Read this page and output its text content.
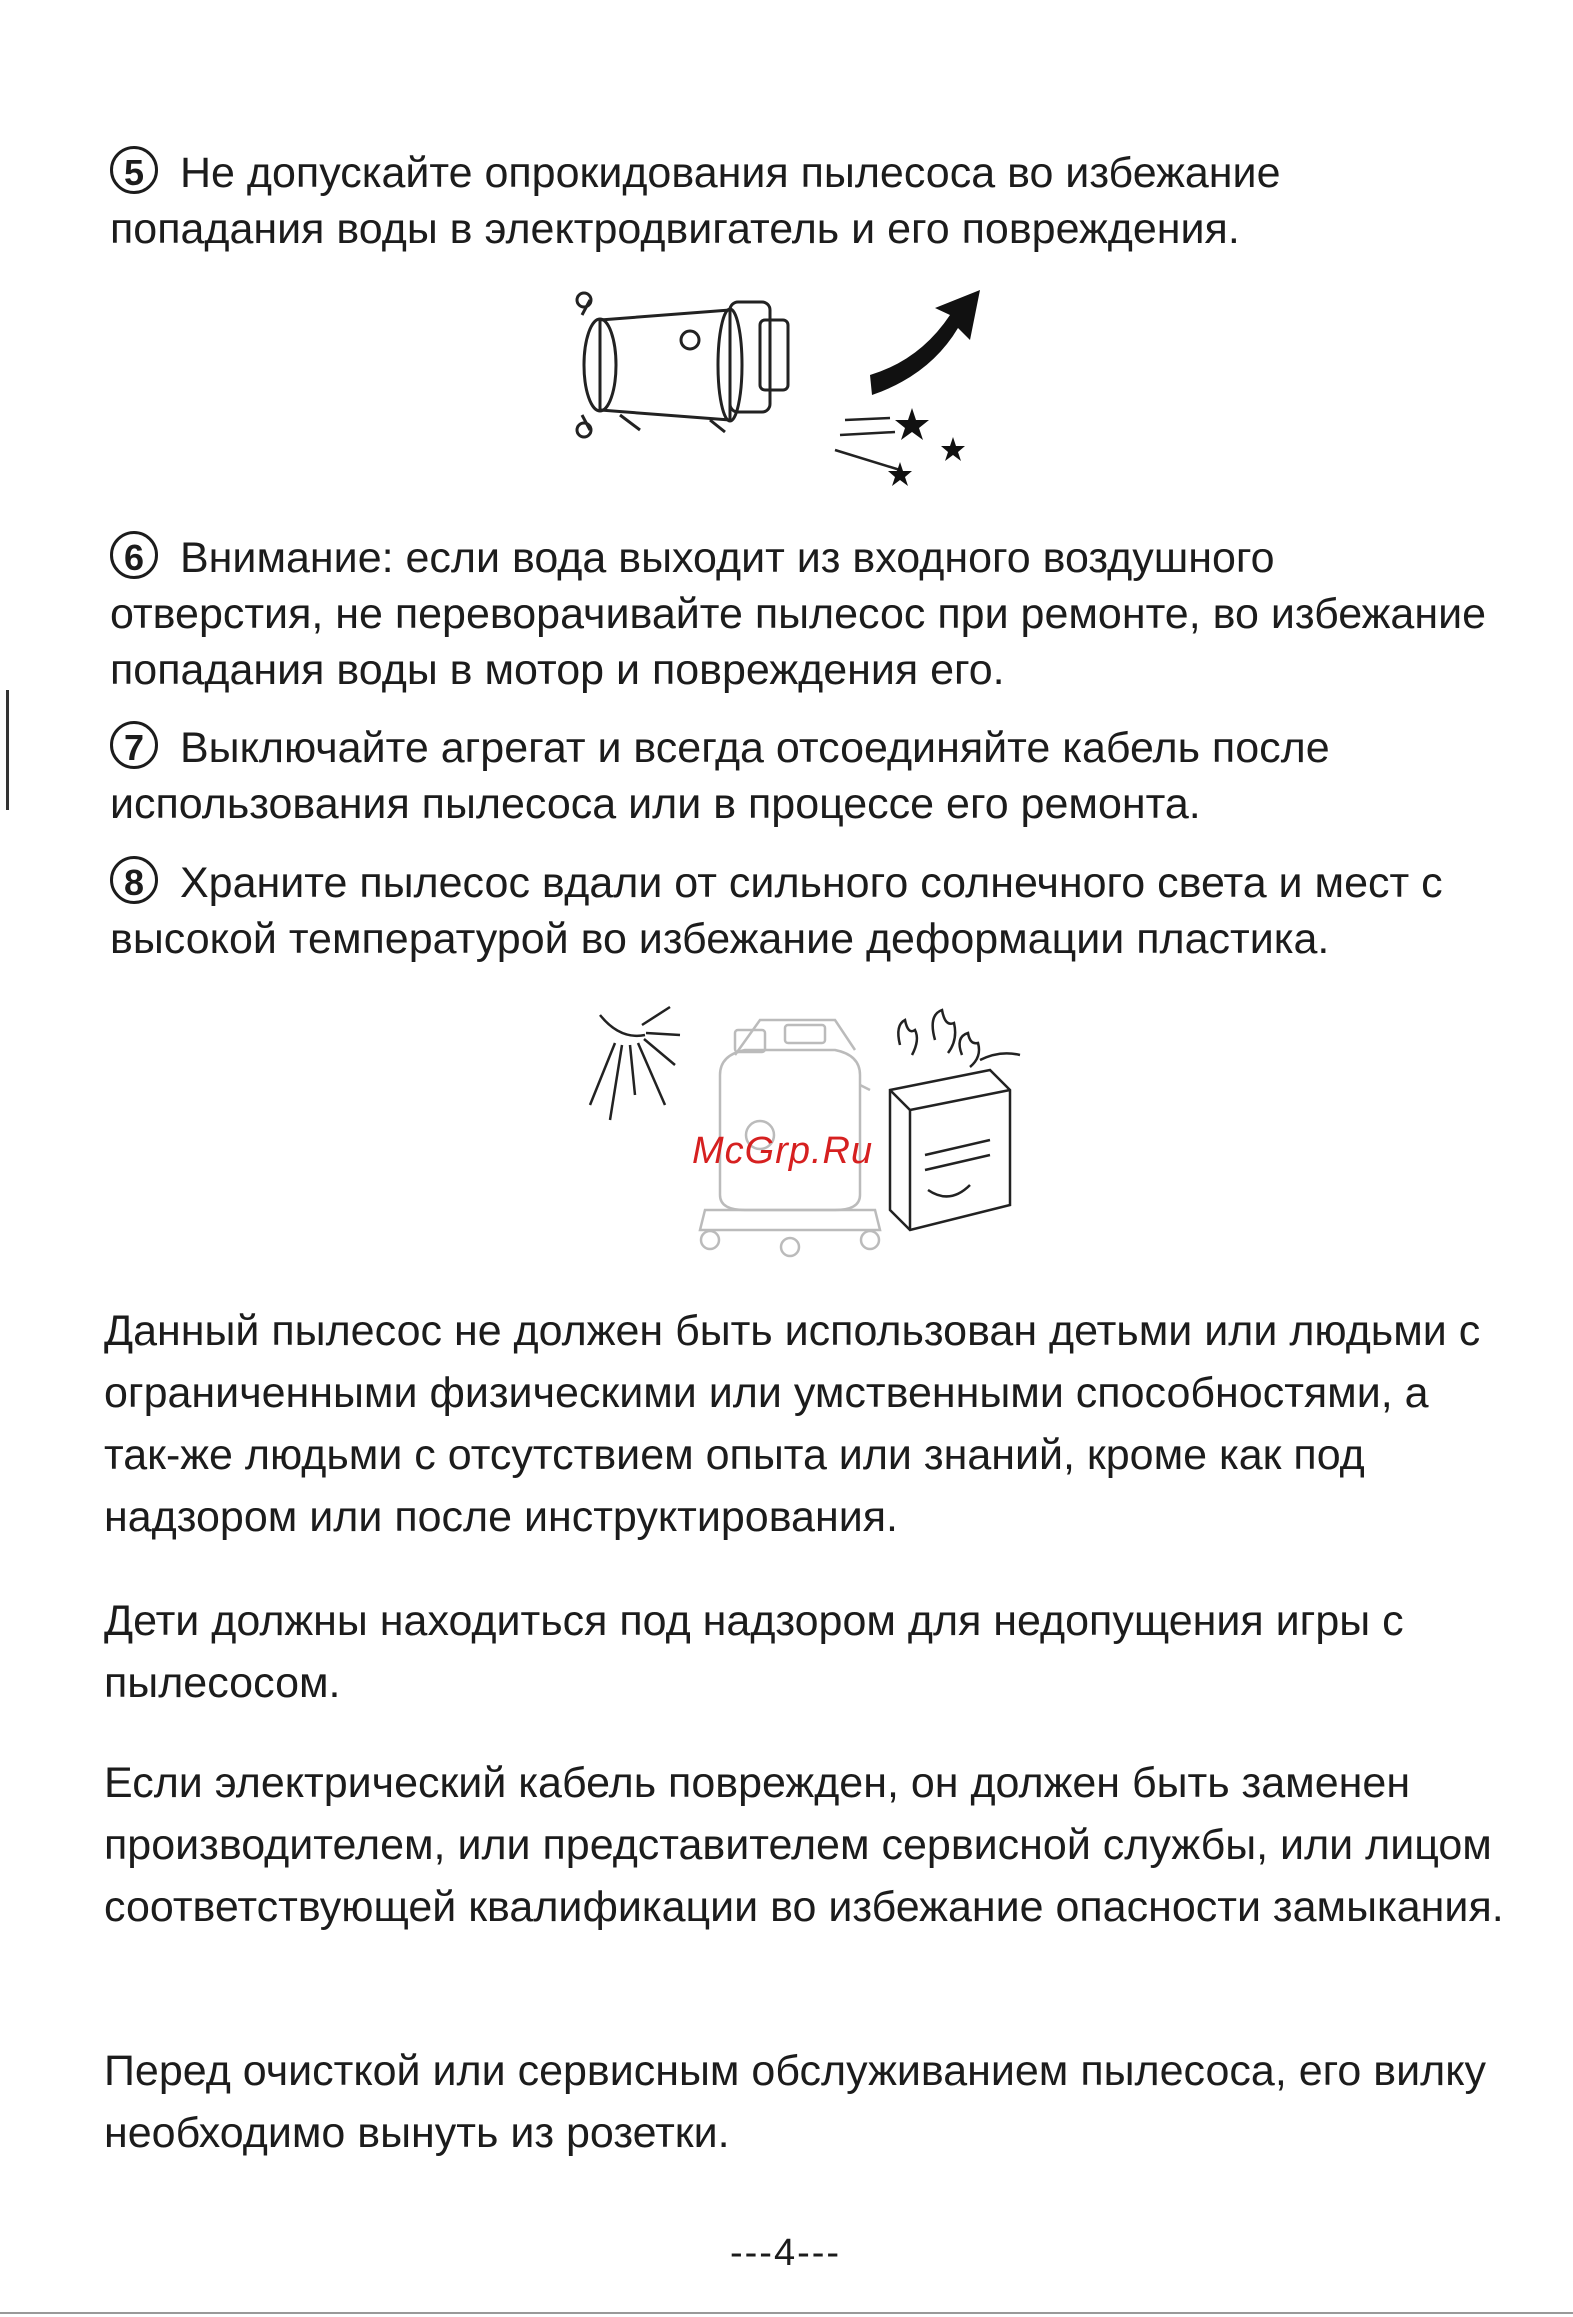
5 Не допускайте опрокидования пылесоса во избежание попадания воды в электродвигатель и его повреждения.
6 Внимание: если вода выходит из входного воздушного отверстия, не переворачивайте пылесос при ремонте, во избежание попадания воды в мотор и повреждения его.
7 Выключайте агрегат и всегда отсоединяйте кабель после использования пылесоса или в процессе его ремонта.
8 Храните пылесос вдали от сильного солнечного света и мест с высокой температурой во избежание деформации пластика.
McGrp.Ru
Данный пылесос не должен быть использован детьми или людьми с ограниченными физическими или умственными способностями, а так-же людьми с отсутствием опыта или знаний, кроме как под надзором или после инструктирования.
Дети должны находиться под надзором для недопущения игры с пылесосом.
Если электрический кабель поврежден, он должен быть заменен производителем, или представителем сервисной службы, или лицом соответствующей квалификации во избежание опасности замыкания.
Перед очисткой или сервисным обслуживанием пылесоса, его вилку необходимо вынуть из розетки.
---4---
